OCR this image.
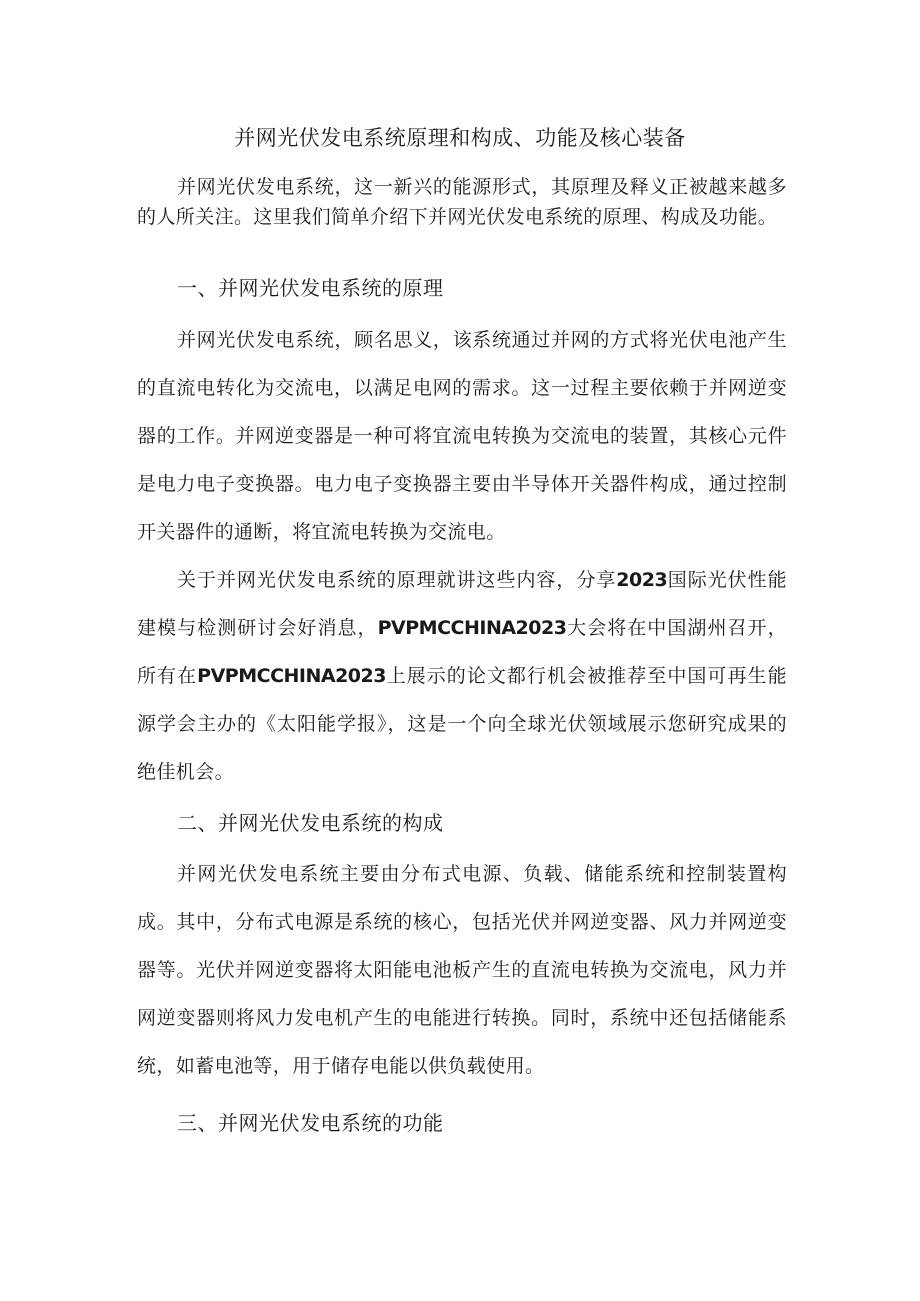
并网光伏发电系统原理和构成、功能及核心装备

并网光伏发电系统，这一新兴的能源形式，其原理及释义正被越来越多的人所关注。这里我们简单介绍下并网光伏发电系统的原理、构成及功能。

一、并网光伏发电系统的原理

并网光伏发电系统，顾名思义，该系统通过并网的方式将光伏电池产生的直流电转化为交流电，以满足电网的需求。这一过程主要依赖于并网逆变器的工作。并网逆变器是一种可将宜流电转换为交流电的装置，其核心元件是电力电子变换器。电力电子变换器主要由半导体开关器件构成，通过控制开关器件的通断，将宜流电转换为交流电。

关于并网光伏发电系统的原理就讲这些内容，分享2023国际光伏性能建模与检测研讨会好消息，PVPMCCHINA2023大会将在中国湖州召开，所有在PVPMCCHINA2023上展示的论文都行机会被推荐至中国可再生能源学会主办的《太阳能学报》，这是一个向全球光伏领域展示您研究成果的绝佳机会。

二、并网光伏发电系统的构成

并网光伏发电系统主要由分布式电源、负载、储能系统和控制装置构成。其中，分布式电源是系统的核心，包括光伏并网逆变器、风力并网逆变器等。光伏并网逆变器将太阳能电池板产生的直流电转换为交流电，风力并网逆变器则将风力发电机产生的电能进行转换。同时，系统中还包括储能系统，如蓄电池等，用于储存电能以供负载使用。

三、并网光伏发电系统的功能
